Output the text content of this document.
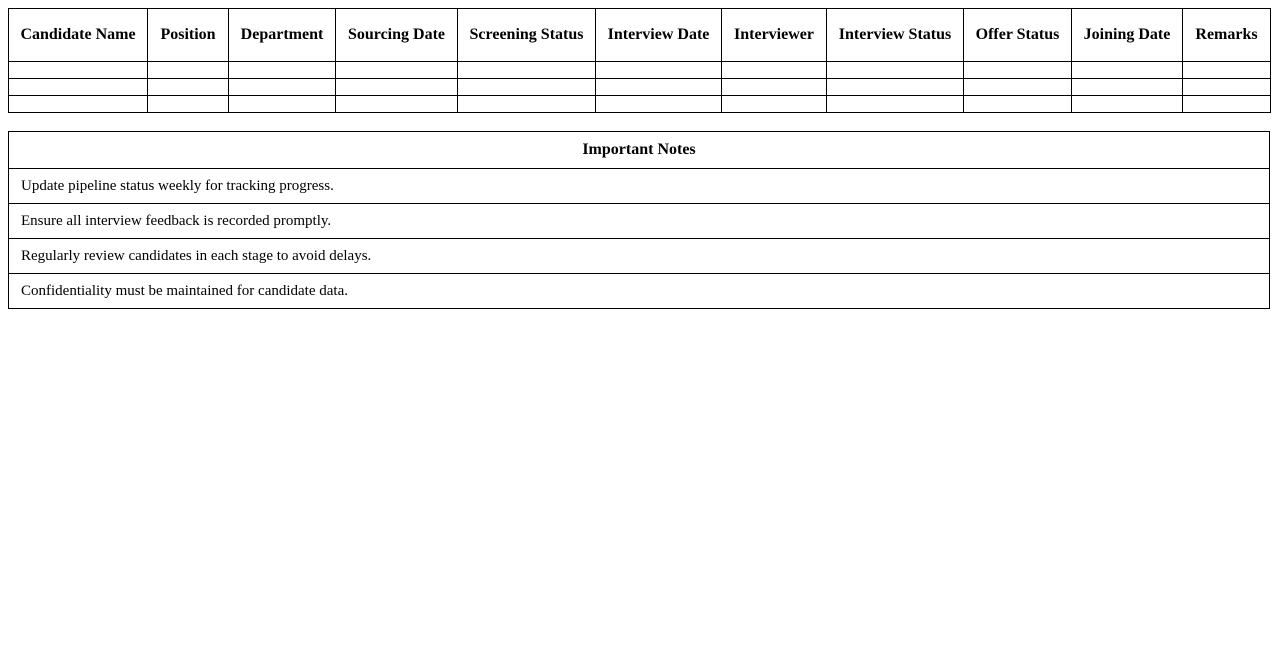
Candidate Name	Position	Department	Sourcing Date	Screening Status	Interview Date	Interviewer	Interview Status	Offer Status	Joining Date	Remarks

Important Notes
Update pipeline status weekly for tracking progress.
Ensure all interview feedback is recorded promptly.
Regularly review candidates in each stage to avoid delays.
Confidentiality must be maintained for candidate data.
